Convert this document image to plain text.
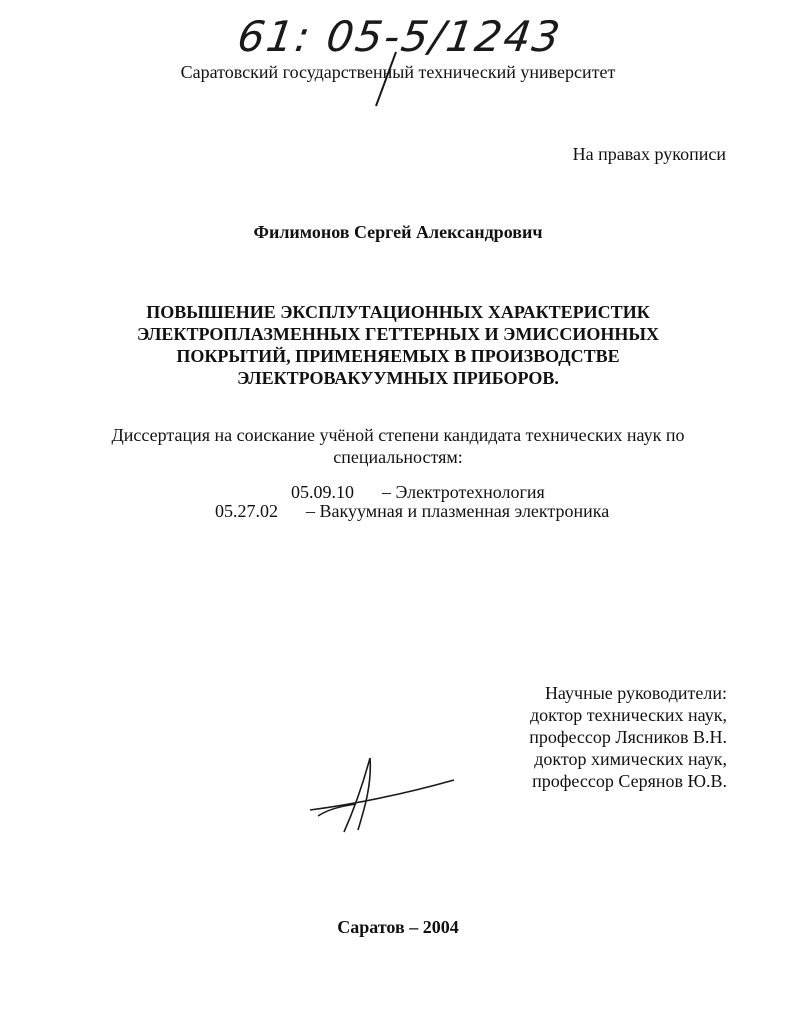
61: 05-5/1243
Саратовский государственный технический университет
На правах рукописи
Филимонов Сергей Александрович
ПОВЫШЕНИЕ ЭКСПЛУТАЦИОННЫХ ХАРАКТЕРИСТИК
ЭЛЕКТРОПЛАЗМЕННЫХ ГЕТТЕРНЫХ И ЭМИССИОННЫХ
ПОКРЫТИЙ, ПРИМЕНЯЕМЫХ В ПРОИЗВОДСТВЕ
ЭЛЕКТРОВАКУУМНЫХ ПРИБОРОВ.
Диссертация на соискание учёной степени кандидата технических наук по
специальностям:
05.09.10 – Электротехнология
05.27.02 – Вакуумная и плазменная электроника
Научные руководители:
доктор технических наук,
профессор Лясников В.Н.
доктор химических наук,
профессор Серянов Ю.В.
Саратов – 2004
